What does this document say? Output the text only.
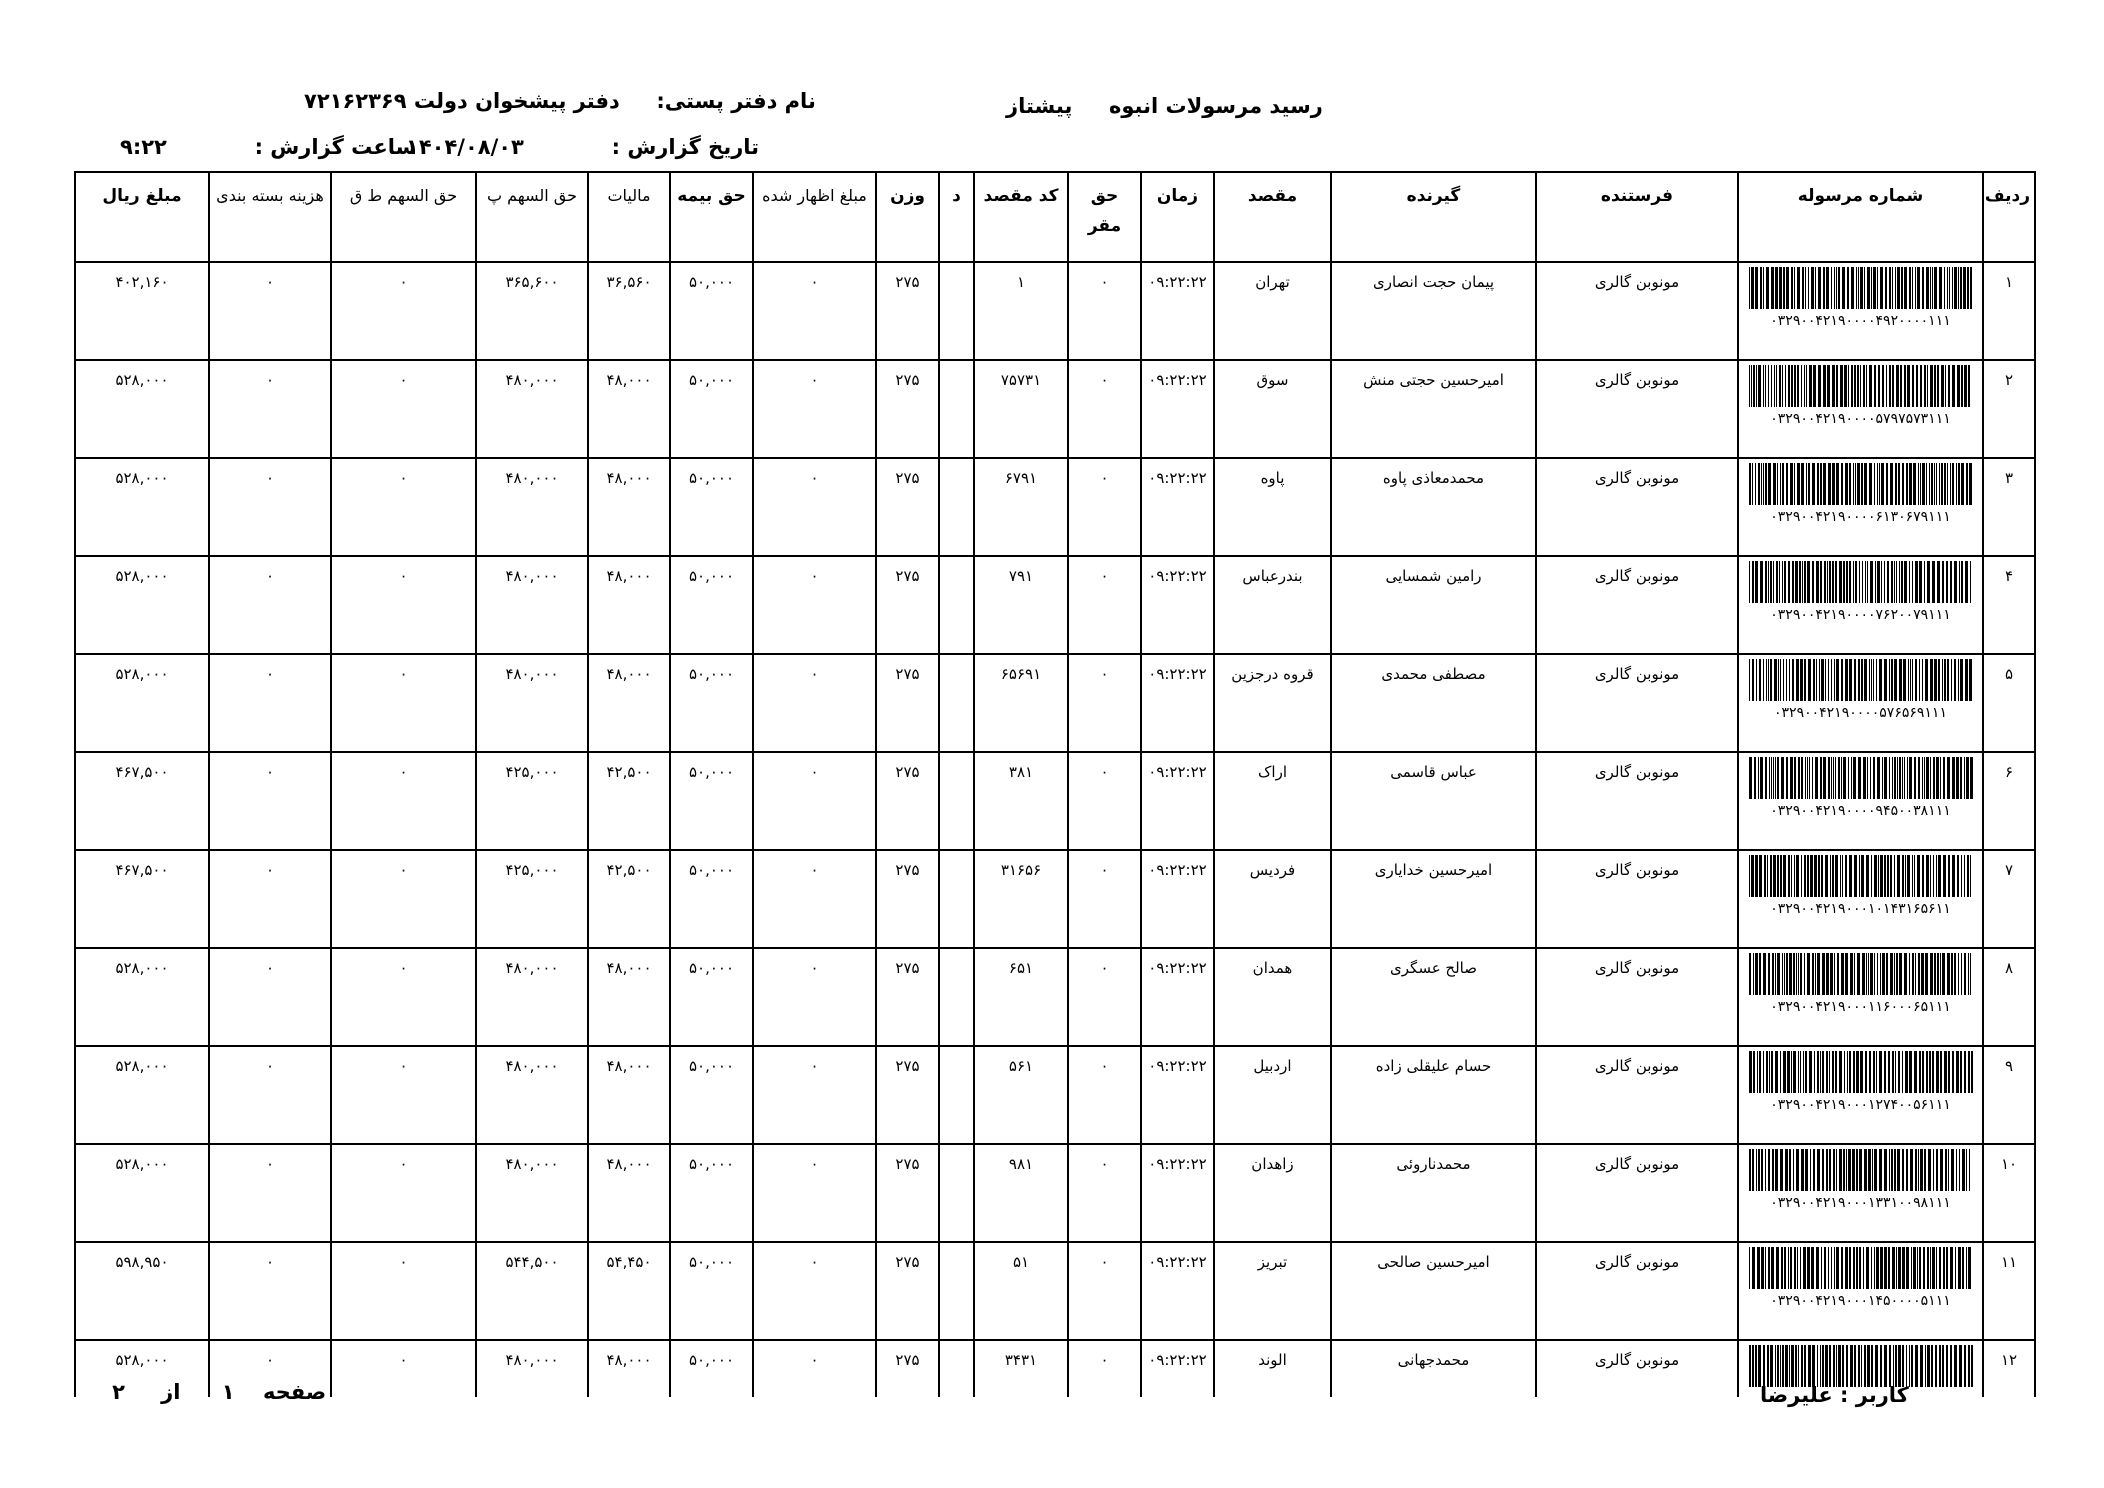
رسید مرسولات انبوه     پیشتاز
نام دفتر پستی:     دفتر پیشخوان دولت ۷۲۱۶۲۳۶۹
تاریخ گزارش :            ۱۴۰۴/۰۸/۰۳
ساعت گزارش :            ۹:۲۲
ردیف	شماره مرسوله	فرستنده	گیرنده	مقصد	زمان	حق مقر	کد مقصد	د	وزن	مبلغ اظهار شده	حق بیمه	مالیات	حق السهم پ	حق السهم ط ق	هزینه بسته بندی	مبلغ ریال
۱	۰۳۲۹۰۰۴۲۱۹۰۰۰۰۴۹۲۰۰۰۰۱۱۱	مونوبن گالری	پیمان حجت انصاری	تهران	۰۹:۲۲:۲۲	۰	۱		۲۷۵	۰	۵۰,۰۰۰	۳۶,۵۶۰	۳۶۵,۶۰۰	۰	۰	۴۰۲,۱۶۰
۲	۰۳۲۹۰۰۴۲۱۹۰۰۰۰۵۷۹۷۵۷۳۱۱۱	مونوبن گالری	امیرحسین حجتی منش	سوق	۰۹:۲۲:۲۲	۰	۷۵۷۳۱		۲۷۵	۰	۵۰,۰۰۰	۴۸,۰۰۰	۴۸۰,۰۰۰	۰	۰	۵۲۸,۰۰۰
۳	۰۳۲۹۰۰۴۲۱۹۰۰۰۰۶۱۳۰۶۷۹۱۱۱	مونوبن گالری	محمدمعاذی پاوه	پاوه	۰۹:۲۲:۲۲	۰	۶۷۹۱		۲۷۵	۰	۵۰,۰۰۰	۴۸,۰۰۰	۴۸۰,۰۰۰	۰	۰	۵۲۸,۰۰۰
۴	۰۳۲۹۰۰۴۲۱۹۰۰۰۰۷۶۲۰۰۷۹۱۱۱	مونوبن گالری	رامین شمسایی	بندرعباس	۰۹:۲۲:۲۲	۰	۷۹۱		۲۷۵	۰	۵۰,۰۰۰	۴۸,۰۰۰	۴۸۰,۰۰۰	۰	۰	۵۲۸,۰۰۰
۵	۰۳۲۹۰۰۴۲۱۹۰۰۰۰۵۷۶۵۶۹۱۱۱	مونوبن گالری	مصطفی محمدی	قروه درجزین	۰۹:۲۲:۲۲	۰	۶۵۶۹۱		۲۷۵	۰	۵۰,۰۰۰	۴۸,۰۰۰	۴۸۰,۰۰۰	۰	۰	۵۲۸,۰۰۰
۶	۰۳۲۹۰۰۴۲۱۹۰۰۰۰۹۴۵۰۰۳۸۱۱۱	مونوبن گالری	عباس قاسمی	اراک	۰۹:۲۲:۲۲	۰	۳۸۱		۲۷۵	۰	۵۰,۰۰۰	۴۲,۵۰۰	۴۲۵,۰۰۰	۰	۰	۴۶۷,۵۰۰
۷	۰۳۲۹۰۰۴۲۱۹۰۰۰۱۰۱۴۳۱۶۵۶۱۱	مونوبن گالری	امیرحسین خدایاری	فردیس	۰۹:۲۲:۲۲	۰	۳۱۶۵۶		۲۷۵	۰	۵۰,۰۰۰	۴۲,۵۰۰	۴۲۵,۰۰۰	۰	۰	۴۶۷,۵۰۰
۸	۰۳۲۹۰۰۴۲۱۹۰۰۰۱۱۶۰۰۰۶۵۱۱۱	مونوبن گالری	صالح عسگری	همدان	۰۹:۲۲:۲۲	۰	۶۵۱		۲۷۵	۰	۵۰,۰۰۰	۴۸,۰۰۰	۴۸۰,۰۰۰	۰	۰	۵۲۸,۰۰۰
۹	۰۳۲۹۰۰۴۲۱۹۰۰۰۱۲۷۴۰۰۵۶۱۱۱	مونوبن گالری	حسام علیقلی زاده	اردبیل	۰۹:۲۲:۲۲	۰	۵۶۱		۲۷۵	۰	۵۰,۰۰۰	۴۸,۰۰۰	۴۸۰,۰۰۰	۰	۰	۵۲۸,۰۰۰
۱۰	۰۳۲۹۰۰۴۲۱۹۰۰۰۱۳۳۱۰۰۹۸۱۱۱	مونوبن گالری	محمدناروئی	زاهدان	۰۹:۲۲:۲۲	۰	۹۸۱		۲۷۵	۰	۵۰,۰۰۰	۴۸,۰۰۰	۴۸۰,۰۰۰	۰	۰	۵۲۸,۰۰۰
۱۱	۰۳۲۹۰۰۴۲۱۹۰۰۰۱۴۵۰۰۰۰۵۱۱۱	مونوبن گالری	امیرحسین صالحی	تبریز	۰۹:۲۲:۲۲	۰	۵۱		۲۷۵	۰	۵۰,۰۰۰	۵۴,۴۵۰	۵۴۴,۵۰۰	۰	۰	۵۹۸,۹۵۰
۱۲		مونوبن گالری	محمدجهانی	الوند	۰۹:۲۲:۲۲	۰	۳۴۳۱		۲۷۵	۰	۵۰,۰۰۰	۴۸,۰۰۰	۴۸۰,۰۰۰	۰	۰	۵۲۸,۰۰۰
کاربر : علیرضا
صفحه ۱ از ۲
